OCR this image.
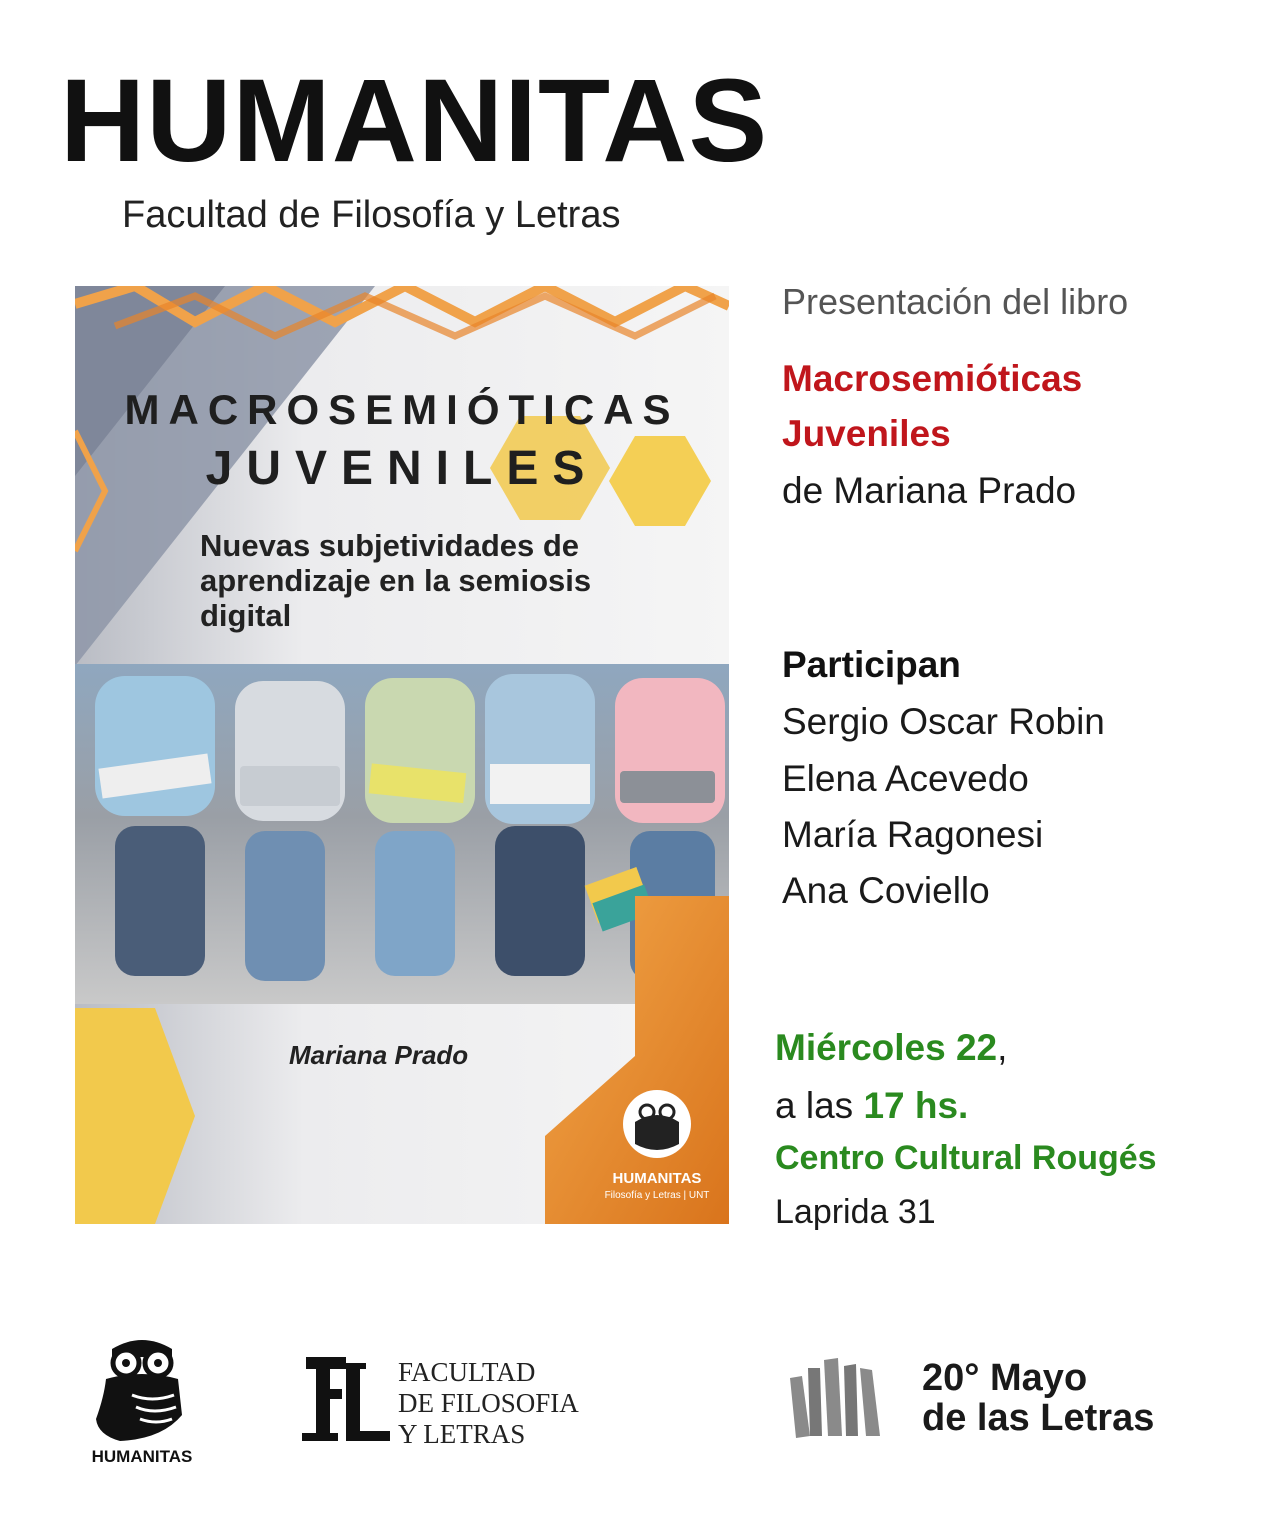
HUMANITAS
Facultad de Filosofía y Letras
MACROSEMIÓTICAS
JUVENILES
Nuevas subjetividades de aprendizaje en la semiosis digital
Mariana Prado
HUMANITAS
Filosofía y Letras | UNT
Presentación del libro
Macrosemióticas
Juveniles
de Mariana Prado
Participan
Sergio Oscar Robin
Elena Acevedo
María Ragonesi
Ana Coviello
Miércoles 22,
a las 17 hs.
Centro Cultural Rougés
Laprida 31
HUMANITAS
FACULTAD
DE FILOSOFIA
Y LETRAS
20° Mayo
de las Letras
